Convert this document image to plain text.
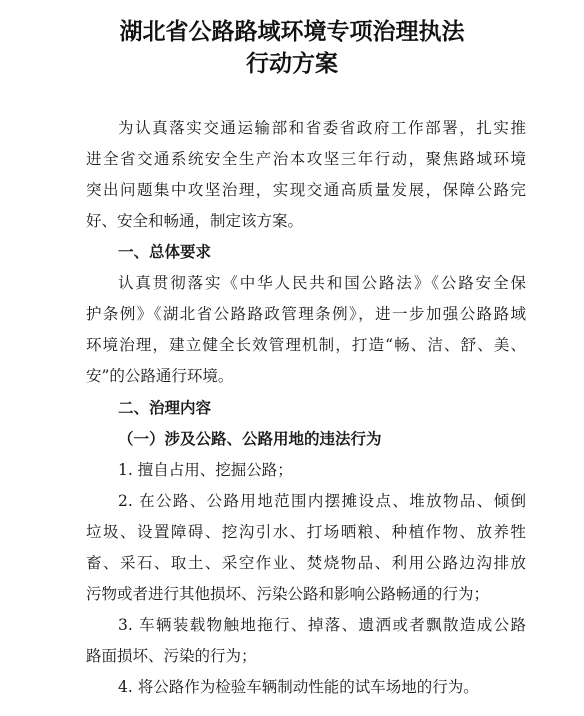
湖北省公路路域环境专项治理执法
行动方案

为认真落实交通运输部和省委省政府工作部署，扎实推

进全省交通系统安全生产治本攻坚三年行动，聚焦路域环境

突出问题集中攻坚治理，实现交通高质量发展，保障公路完

好、安全和畅通，制定该方案。

一、总体要求

认真贯彻落实《中华人民共和国公路法》《公路安全保

护条例》《湖北省公路路政管理条例》，进一步加强公路路域

环境治理，建立健全长效管理机制，打造“畅、洁、舒、美、

安”的公路通行环境。

二、治理内容

（一）涉及公路、公路用地的违法行为

1. 擅自占用、挖掘公路；

2. 在公路、公路用地范围内摆摊设点、堆放物品、倾倒

垃圾、设置障碍、挖沟引水、打场晒粮、种植作物、放养牲

畜、采石、取土、采空作业、焚烧物品、利用公路边沟排放

污物或者进行其他损坏、污染公路和影响公路畅通的行为；

3. 车辆装载物触地拖行、掉落、遗洒或者飘散造成公路

路面损坏、污染的行为；

4. 将公路作为检验车辆制动性能的试车场地的行为。
